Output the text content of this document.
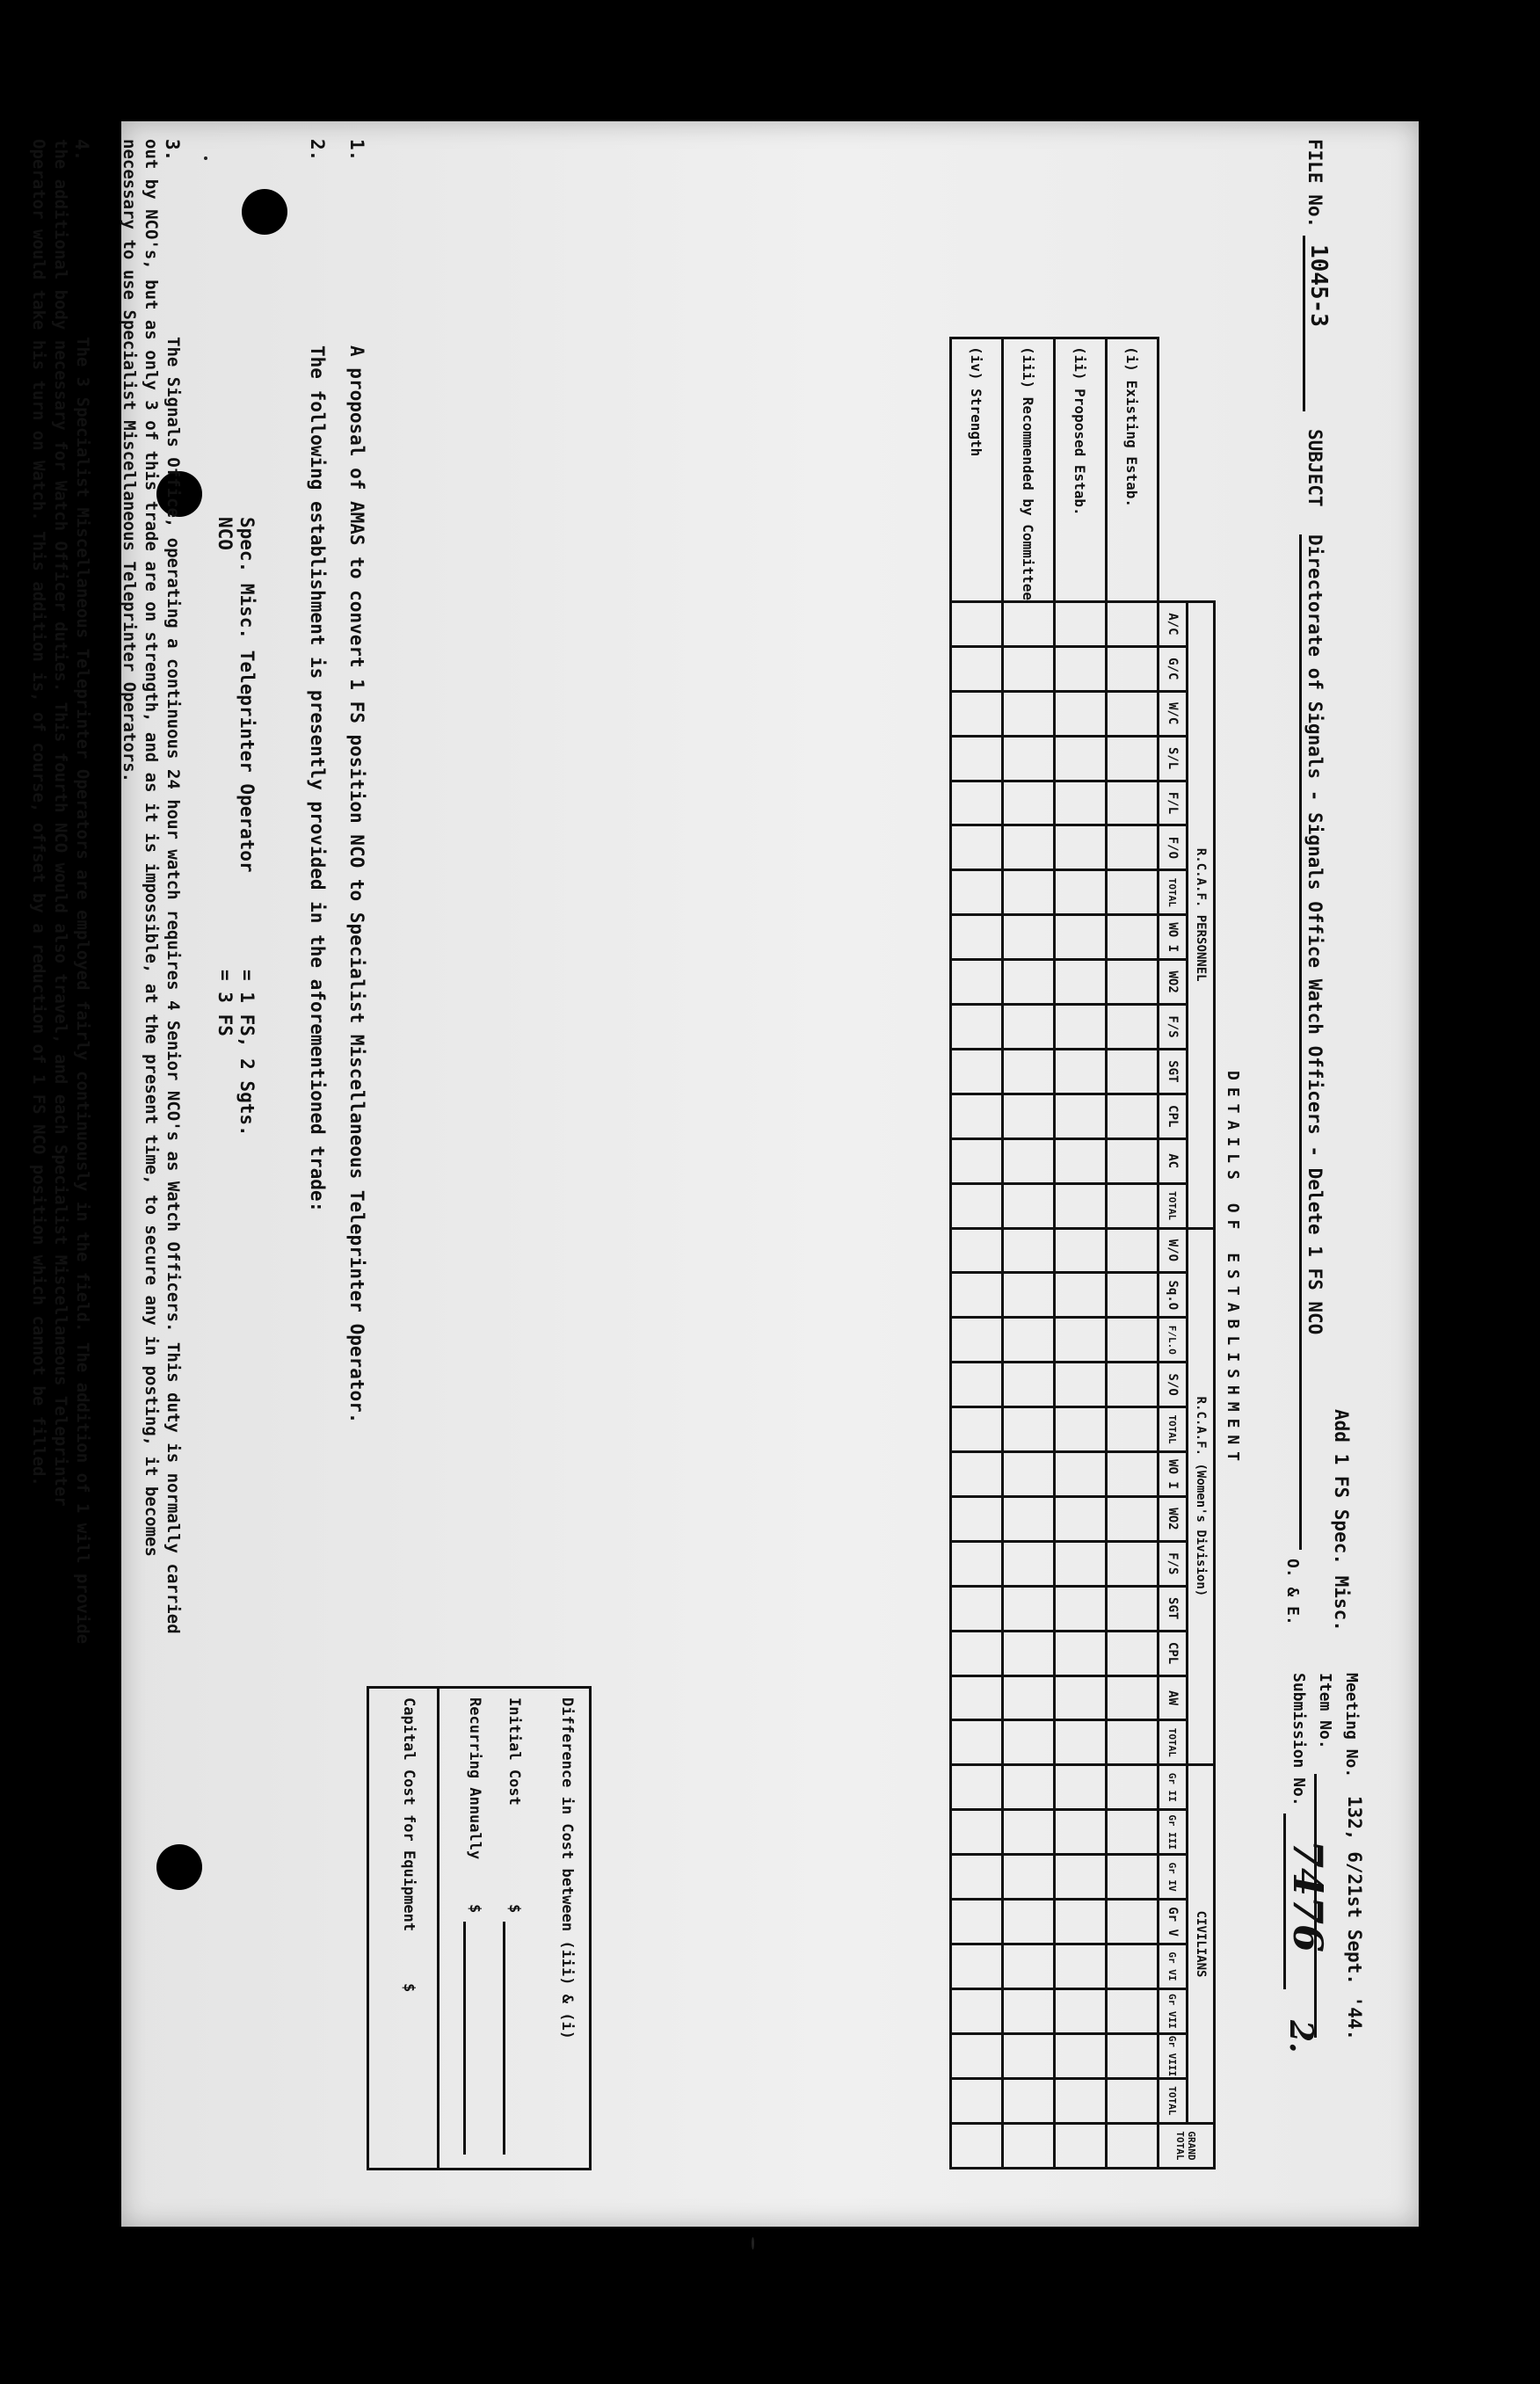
FILE No.
1045-3
SUBJECT
Directorate of Signals - Signals Office Watch Officers - Delete 1 FS NCO
Add 1 FS Spec. Misc.
O. & E.
Meeting No.
132, 6/21st Sept. '44.
Item No.
Submission No.
7476
2.
DETAILS OF ESTABLISHMENT
	R.C.A.F. PERSONNEL														R.C.A.F. (Women's Division)												CIVILIANS								GRAND TOTAL
	A/C	G/C	W/C	S/L	F/L	F/O	TOTAL	WO I	WO2	F/S	SGT	CPL	AC	TOTAL	W/O	Sq.O	F/L.O	S/O	TOTAL	WO I	WO2	F/S	SGT	CPL	AW	TOTAL	Gr II	Gr III	Gr IV	Gr V	Gr VI	Gr VII	Gr VIII	TOTAL	
(i) Existing Estab.																																			
(ii) Proposed Estab.																																			
(iii) Recommended by Committee																																			
(iv) Strength																																			
Difference in Cost between (iii) & (i)
Initial Cost
$
Recurring Annually
$
Capital Cost for Equipment
$
1.
A proposal of AMAS to convert 1 FS position NCO to Specialist Miscellaneous Teleprinter Operator.
2.
The following establishment is presently provided in the aforementioned trade:
Spec. Misc. Teleprinter Operator
= 1 FS, 2 Sgts.
NCO
= 3 FS
3.
The Signals Office, operating a continuous 24 hour watch requires 4 Senior NCO's as Watch Officers. This duty is normally carried
out by NCO's, but as only 3 of this trade are on strength, and as it is impossible, at the present time, to secure any in posting, it becomes
necessary to use Specialist Miscellaneous Teleprinter Operators.
4.
The 3 Specialist Miscellaneous Teleprinter Operators are employed fairly continuously in the field. The addition of 1 will provide
the additional body necessary for Watch Officer duties. This fourth NCO would also travel, and each Specialist Miscellaneous Teleprinter
Operator would take his turn on Watch. This addition is, of course, offset by a reduction of 1 FS NCO position which cannot be filled.
